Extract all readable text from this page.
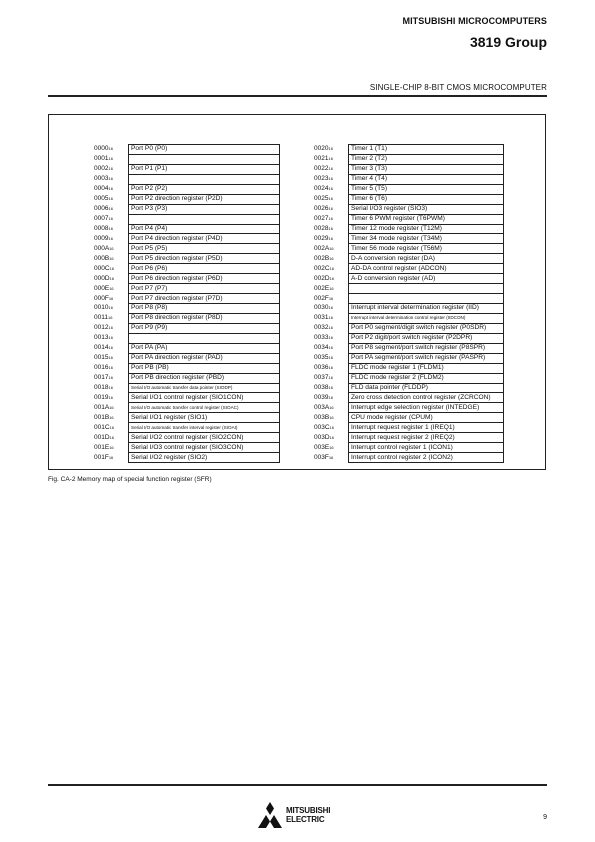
MITSUBISHI MICROCOMPUTERS
3819 Group
SINGLE-CHIP 8-BIT CMOS MICROCOMPUTER
000016	Port P0 (P0)
000116	
000216	Port P1 (P1)
000316	
000416	Port P2 (P2)
000516	Port P2 direction register (P2D)
000616	Port P3 (P3)
000716	
000816	Port P4 (P4)
000916	Port P4 direction register (P4D)
000A16	Port P5 (P5)
000B16	Port P5 direction register (P5D)
000C16	Port P6 (P6)
000D16	Port P6 direction register (P6D)
000E16	Port P7 (P7)
000F16	Port P7 direction register (P7D)
001016	Port P8 (P8)
001116	Port P8 direction register (P8D)
001216	Port P9 (P9)
001316	
001416	Port PA (PA)
001516	Port PA direction register (PAD)
001616	Port PB (PB)
001716	Port PB direction register (PBD)
001816	Serial I/O automatic transfer data pointer (SIODP)
001916	Serial I/O1 control register (SIO1CON)
001A16	Serial I/O automatic transfer control register (SIOAC)
001B16	Serial I/O1 register (SIO1)
001C16	Serial I/O automatic transfer interval register (SIOAI)
001D16	Serial I/O2 control register (SIO2CON)
001E16	Serial I/O3 control register (SIO3CON)
001F16	Serial I/O2 register (SIO2)
002016	Timer 1 (T1)
002116	Timer 2 (T2)
002216	Timer 3 (T3)
002316	Timer 4 (T4)
002416	Timer 5 (T5)
002516	Timer 6 (T6)
002616	Serial I/O3 register (SIO3)
002716	Timer 6 PWM register (T6PWM)
002816	Timer 12 mode register (T12M)
002916	Timer 34 mode register (T34M)
002A16	Timer 56 mode register (T56M)
002B16	D-A conversion register (DA)
002C16	AD-DA control register (ADCON)
002D16	A-D conversion register (AD)
002E16	
002F16	
003016	Interrupt interval determination register (IID)
003116	Interrupt interval determination control register (IIDCON)
003216	Port P0 segment/digit switch register (P0SDR)
003316	Port P2 digit/port switch register (P2DPR)
003416	Port P8 segment/port switch register (P8SPR)
003516	Port PA segment/port switch register (PASPR)
003616	FLDC mode register 1 (FLDM1)
003716	FLDC mode register 2 (FLDM2)
003816	FLD data pointer (FLDDP)
003916	Zero cross detection control register (ZCRCON)
003A16	Interrupt edge selection register (INTEDGE)
003B16	CPU mode register (CPUM)
003C16	Interrupt request register 1 (IREQ1)
003D16	Interrupt request register 2 (IREQ2)
003E16	Interrupt control register 1 (ICON1)
003F16	Interrupt control register 2 (ICON2)
Fig. CA-2 Memory map of special function register (SFR)
MITSUBISHI
ELECTRIC	9
